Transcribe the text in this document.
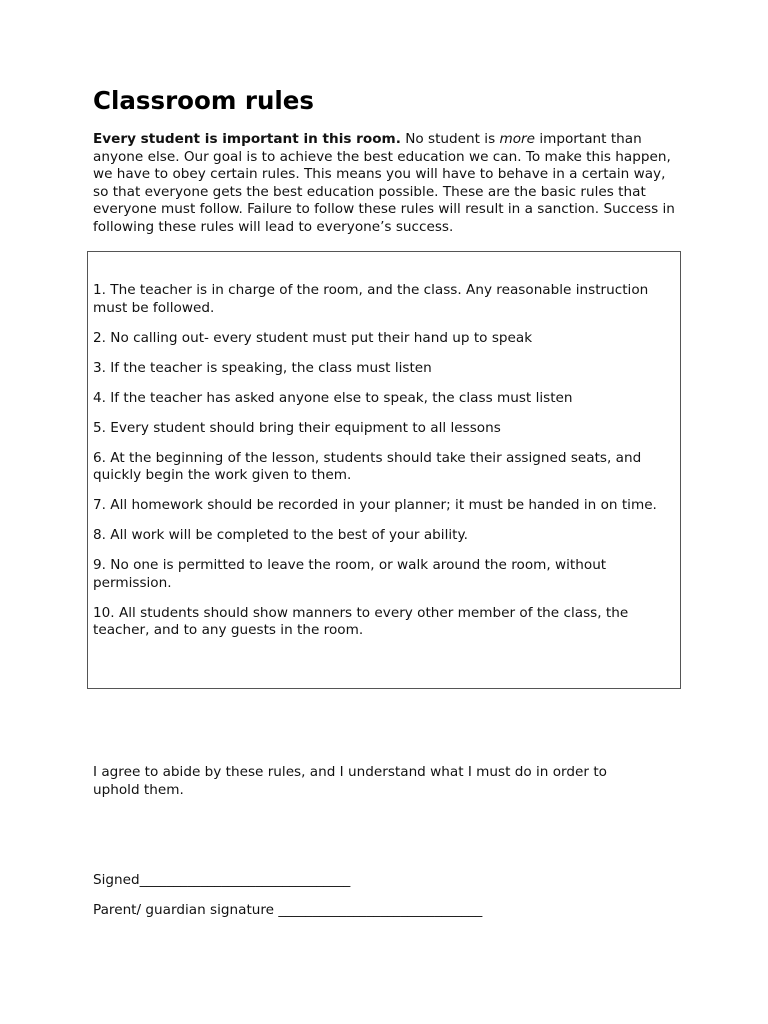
Classroom rules

Every student is important in this room. No student is more important than anyone else. Our goal is to achieve the best education we can. To make this happen, we have to obey certain rules. This means you will have to behave in a certain way, so that everyone gets the best education possible. These are the basic rules that everyone must follow. Failure to follow these rules will result in a sanction. Success in following these rules will lead to everyone’s success.

1. The teacher is in charge of the room, and the class. Any reasonable instruction must be followed.
2. No calling out- every student must put their hand up to speak
3. If the teacher is speaking, the class must listen
4. If the teacher has asked anyone else to speak, the class must listen
5. Every student should bring their equipment to all lessons
6. At the beginning of the lesson, students should take their assigned seats, and quickly begin the work given to them.
7. All homework should be recorded in your planner; it must be handed in on time.
8. All work will be completed to the best of your ability.
9. No one is permitted to leave the room, or walk around the room, without permission.
10. All students should show manners to every other member of the class, the teacher, and to any guests in the room.

I agree to abide by these rules, and I understand what I must do in order to uphold them.

Signed_______________________________

Parent/ guardian signature ______________________________
